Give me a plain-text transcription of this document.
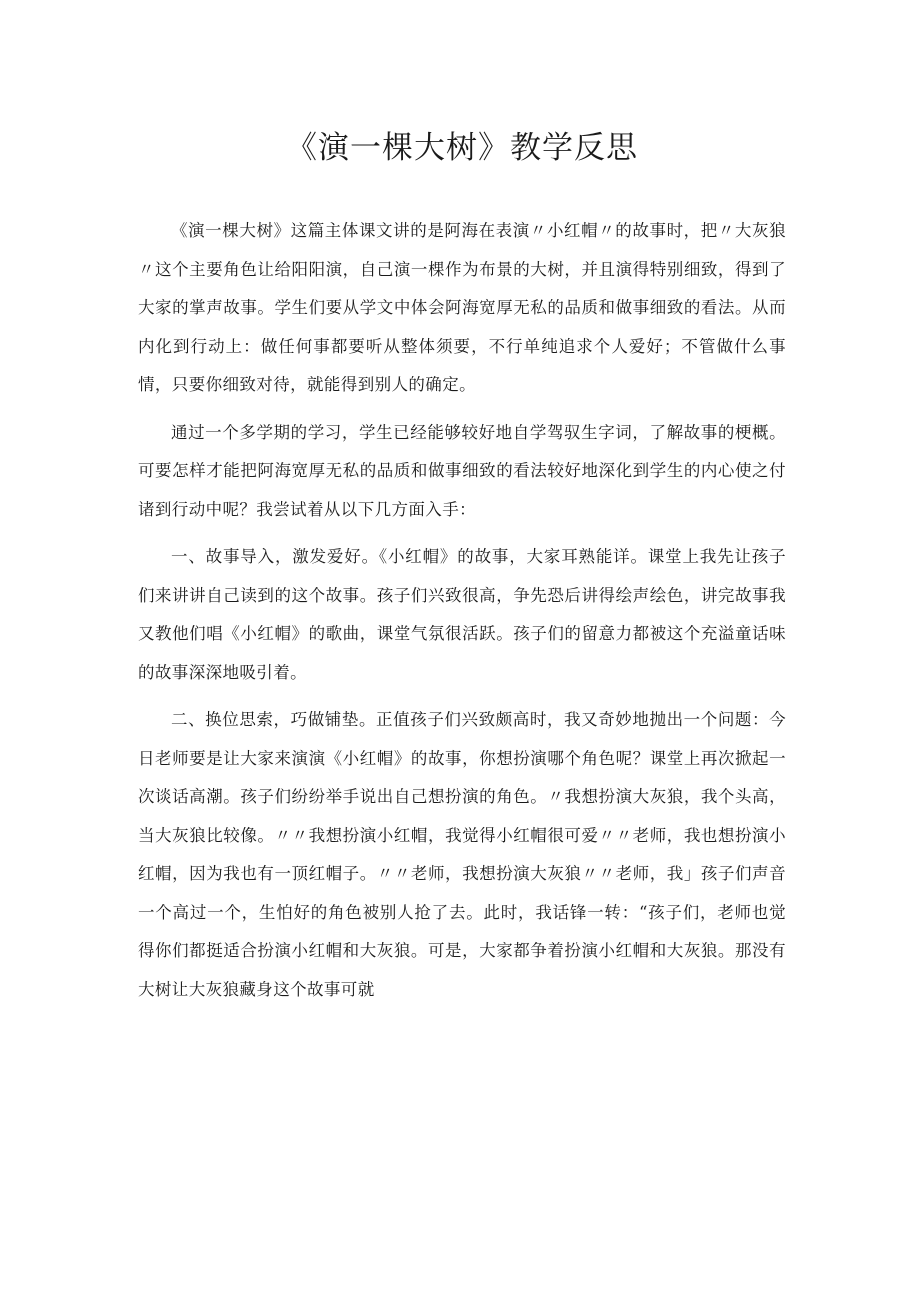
《演一棵大树》教学反思

《演一棵大树》这篇主体课文讲的是阿海在表演〃小红帽〃的故事时，把〃大灰狼〃这个主要角色让给阳阳演，自己演一棵作为布景的大树，并且演得特别细致，得到了大家的掌声故事。学生们要从学文中体会阿海宽厚无私的品质和做事细致的看法。从而内化到行动上：做任何事都要听从整体须要，不行单纯追求个人爱好；不管做什么事情，只要你细致对待，就能得到别人的确定。

通过一个多学期的学习，学生已经能够较好地自学驾驭生字词，了解故事的梗概。可要怎样才能把阿海宽厚无私的品质和做事细致的看法较好地深化到学生的内心使之付诸到行动中呢？我尝试着从以下几方面入手：

一、故事导入，激发爱好。《小红帽》的故事，大家耳熟能详。课堂上我先让孩子们来讲讲自己读到的这个故事。孩子们兴致很高，争先恐后讲得绘声绘色，讲完故事我又教他们唱《小红帽》的歌曲，课堂气氛很活跃。孩子们的留意力都被这个充溢童话味的故事深深地吸引着。

二、换位思索，巧做铺垫。正值孩子们兴致颇高时，我又奇妙地抛出一个问题：今日老师要是让大家来演演《小红帽》的故事，你想扮演哪个角色呢？课堂上再次掀起一次谈话高潮。孩子们纷纷举手说出自己想扮演的角色。〃我想扮演大灰狼，我个头高，当大灰狼比较像。〃〃我想扮演小红帽，我觉得小红帽很可爱〃〃老师，我也想扮演小红帽，因为我也有一顶红帽子。〃〃老师，我想扮演大灰狼〃〃老师，我」孩子们声音一个高过一个，生怕好的角色被别人抢了去。此时，我话锋一转：“孩子们，老师也觉得你们都挺适合扮演小红帽和大灰狼。可是，大家都争着扮演小红帽和大灰狼。那没有大树让大灰狼藏身这个故事可就
